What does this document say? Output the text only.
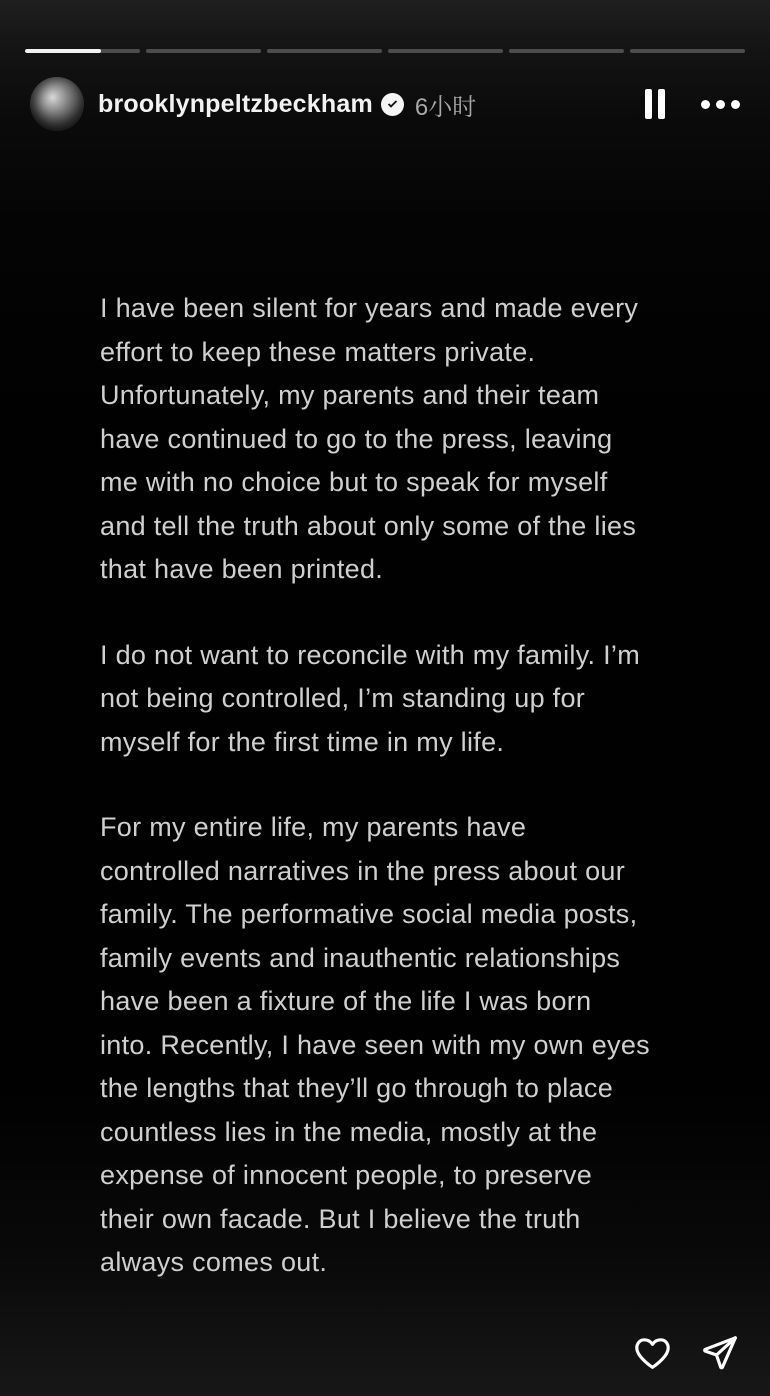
brooklynpeltzbeckham 6小时
I have been silent for years and made every
effort to keep these matters private.
Unfortunately, my parents and their team
have continued to go to the press, leaving
me with no choice but to speak for myself
and tell the truth about only some of the lies
that have been printed.
I do not want to reconcile with my family. I’m
not being controlled, I’m standing up for
myself for the first time in my life.
For my entire life, my parents have
controlled narratives in the press about our
family. The performative social media posts,
family events and inauthentic relationships
have been a fixture of the life I was born
into. Recently, I have seen with my own eyes
the lengths that they’ll go through to place
countless lies in the media, mostly at the
expense of innocent people, to preserve
their own facade. But I believe the truth
always comes out.
